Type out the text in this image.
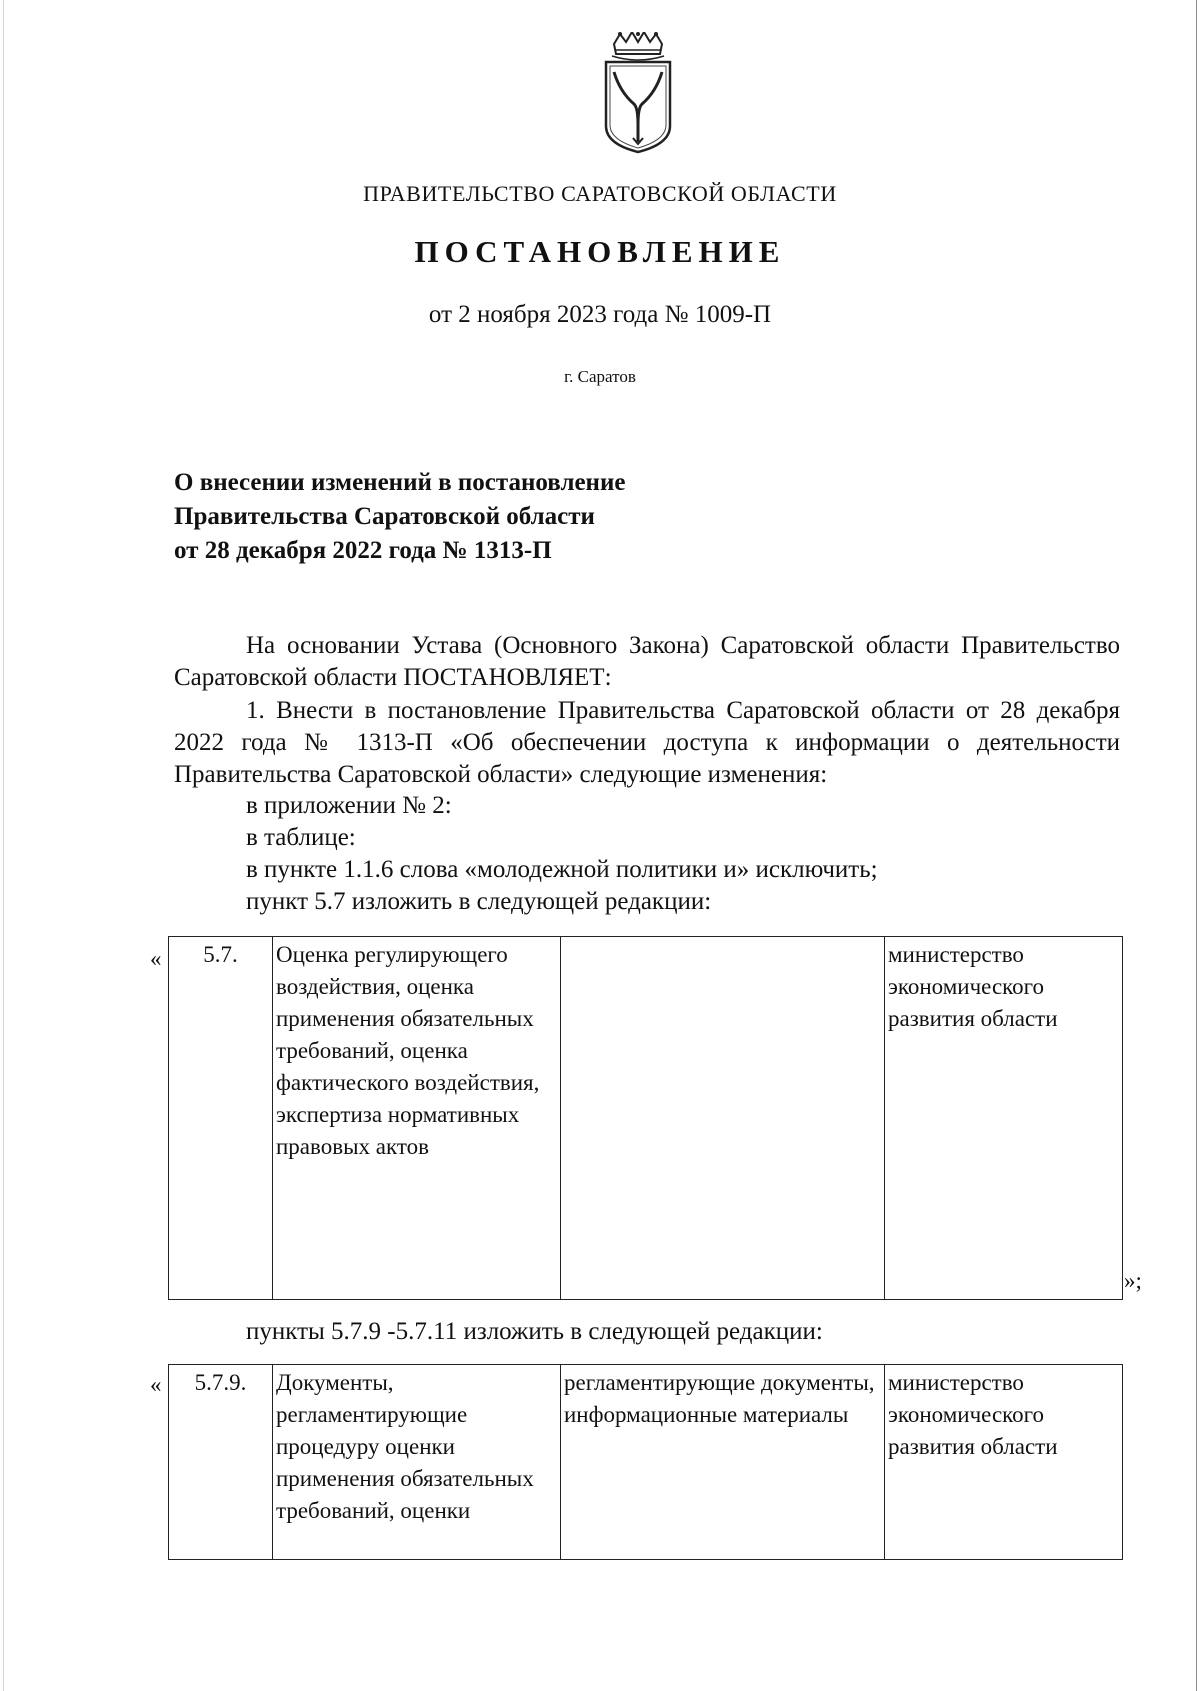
ПРАВИТЕЛЬСТВО САРАТОВСКОЙ ОБЛАСТИ
ПОСТАНОВЛЕНИЕ
от 2 ноября 2023 года № 1009-П
г. Саратов
О внесении изменений в постановление
Правительства Саратовской области
от 28 декабря 2022 года № 1313-П
На основании Устава (Основного Закона) Саратовской области Правительство
Саратовской области ПОСТАНОВЛЯЕТ:
1. Внести в постановление Правительства Саратовской области от 28 декабря
2022 года № 1313-П «Об обеспечении доступа к информации о деятельности
Правительства Саратовской области» следующие изменения:
в приложении № 2:
в таблице:
в пункте 1.1.6 слова «молодежной политики и» исключить;
пункт 5.7 изложить в следующей редакции:
« 5.7.	Оценка регулирующего воздействия, оценка применения обязательных требований, оценка фактического воздействия, экспертиза нормативных правовых актов		министерство экономического развития области
»;
пункты 5.7.9 -5.7.11 изложить в следующей редакции:
« 5.7.9.	Документы, регламентирующие процедуру оценки применения обязательных требований, оценки	регламентирующие документы, информационные материалы	министерство экономического развития области
